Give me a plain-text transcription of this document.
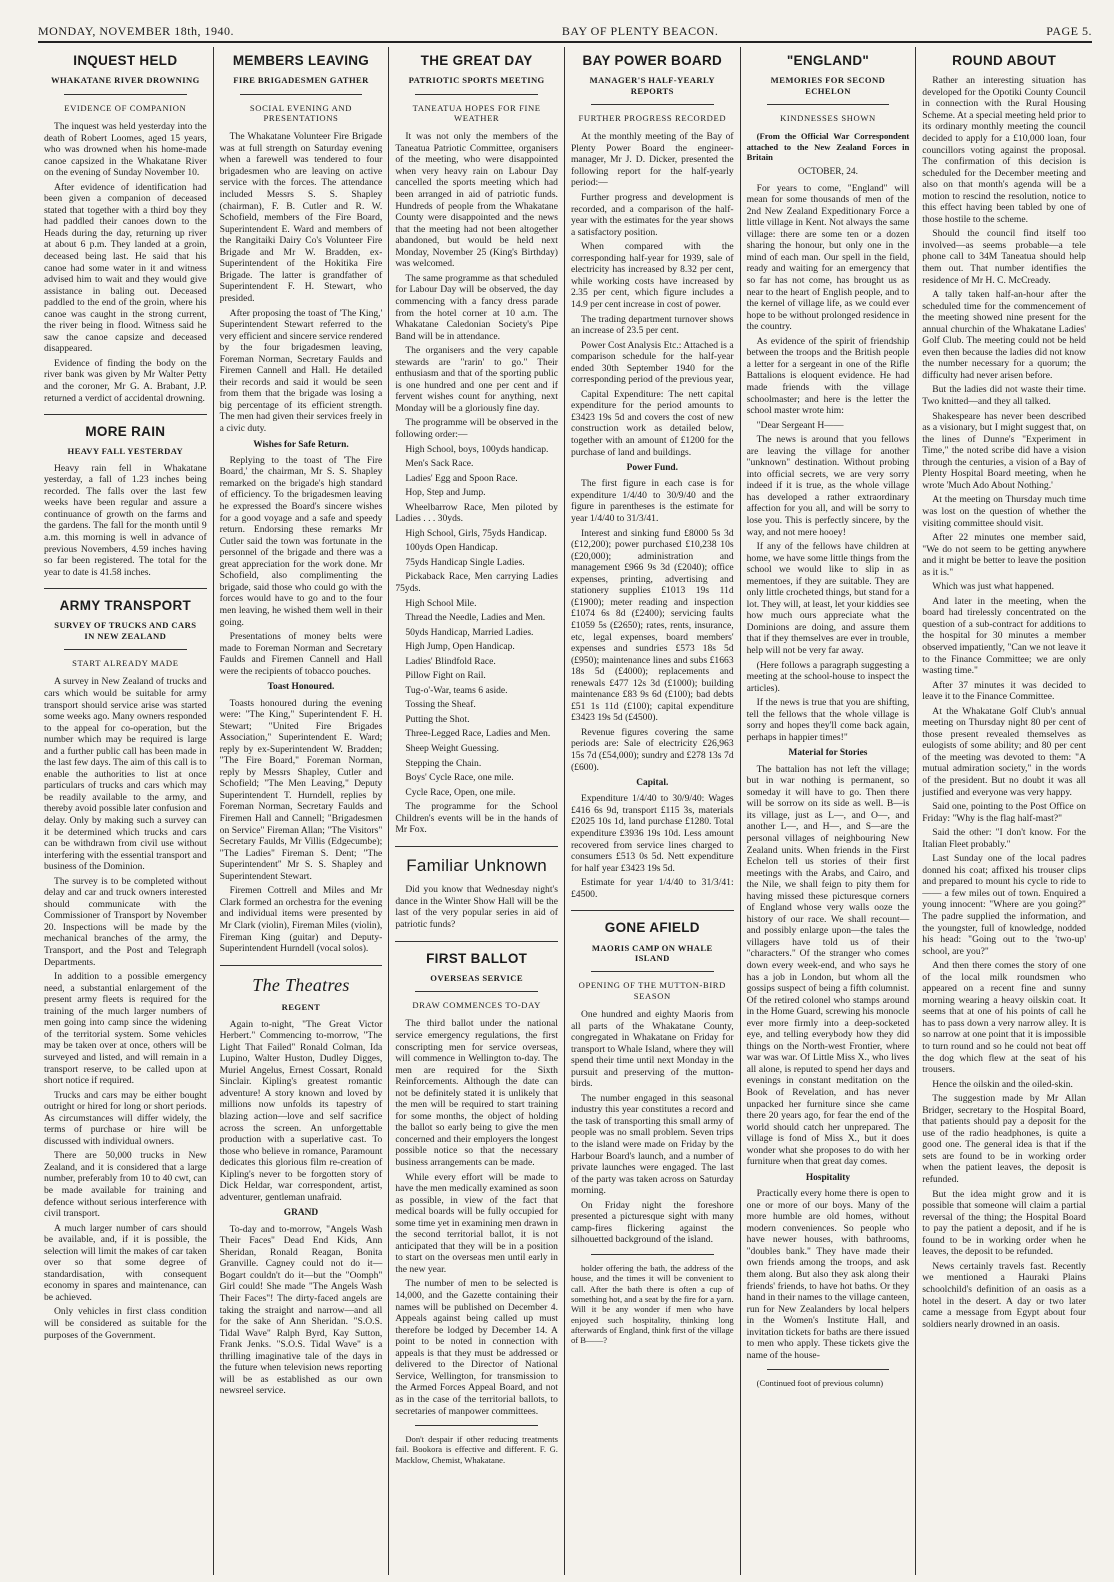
MONDAY, NOVEMBER 18th, 1940.	BAY OF PLENTY BEACON.	PAGE 5.
INQUEST HELD
WHAKATANE RIVER DROWNING
EVIDENCE OF COMPANION

The inquest was held yesterday into the death of Robert Loomes, aged 15 years, who was drowned when his home-made canoe capsized in the Whakatane River on the evening of Sunday November 10.

After evidence of identification had been given a companion of deceased stated that together with a third boy they had paddled their canoes down to the Heads during the day, returning up river at about 6 p.m. They landed at a groin, deceased being last. He said that his canoe had some water in it and witness advised him to wait and they would give assistance in baling out. Deceased paddled to the end of the groin, where his canoe was caught in the strong current, the river being in flood. Witness said he saw the canoe capsize and deceased disappeared.

Evidence of finding the body on the river bank was given by Mr Walter Petty and the coroner, Mr G. A. Brabant, J.P. returned a verdict of accidental drowning.

MORE RAIN
HEAVY FALL YESTERDAY

Heavy rain fell in Whakatane yesterday, a fall of 1.23 inches being recorded. The falls over the last few weeks have been regular and assure a continuance of growth on the farms and the gardens. The fall for the month until 9 a.m. this morning is well in advance of previous Novembers, 4.59 inches having so far been registered. The total for the year to date is 41.58 inches.

ARMY TRANSPORT
SURVEY OF TRUCKS AND CARS IN NEW ZEALAND
START ALREADY MADE

A survey in New Zealand of trucks and cars which would be suitable for army transport should service arise was started some weeks ago. Many owners responded to the appeal for co-operation, but the number which may be required is large and a further public call has been made in the last few days. The aim of this call is to enable the authorities to list at once particulars of trucks and cars which may be readily available to the army, and thereby avoid possible later confusion and delay. Only by making such a survey can it be determined which trucks and cars can be withdrawn from civil use without interfering with the essential transport and business of the Dominion.

The survey is to be completed without delay and car and truck owners interested should communicate with the Commissioner of Transport by November 20. Inspections will be made by the mechanical branches of the army, the Transport, and the Post and Telegraph Departments.

In addition to a possible emergency need, a substantial enlargement of the present army fleets is required for the training of the much larger numbers of men going into camp since the widening of the territorial system. Some vehicles may be taken over at once, others will be surveyed and listed, and will remain in a transport reserve, to be called upon at short notice if required.

Trucks and cars may be either bought outright or hired for long or short periods. As circumstances will differ widely, the terms of purchase or hire will be discussed with individual owners.

There are 50,000 trucks in New Zealand, and it is considered that a large number, preferably from 10 to 40 cwt, can be made available for training and defence without serious interference with civil transport.

A much larger number of cars should be available, and, if it is possible, the selection will limit the makes of car taken over so that some degree of standardisation, with consequent economy in spares and maintenance, can be achieved.

Only vehicles in first class condition will be considered as suitable for the purposes of the Government.

MEMBERS LEAVING
FIRE BRIGADESMEN GATHER
SOCIAL EVENING AND PRESENTATIONS

The Whakatane Volunteer Fire Brigade was at full strength on Saturday evening when a farewell was tendered to four brigadesmen who are leaving on active service with the forces. The attendance included Messrs S. S. Shapley (chairman), F. B. Cutler and R. W. Schofield, members of the Fire Board, Superintendent E. Ward and members of the Rangitaiki Dairy Co's Volunteer Fire Brigade and Mr W. Bradden, ex-Superintendent of the Hokitika Fire Brigade. The latter is grandfather of Superintendent F. H. Stewart, who presided.

After proposing the toast of 'The King,' Superintendent Stewart referred to the very efficient and sincere service rendered by the four brigadesmen leaving, Foreman Norman, Secretary Faulds and Firemen Cannell and Hall. He detailed their records and said it would be seen from them that the brigade was losing a big percentage of its efficient strength. The men had given their services freely in a civic duty.

Wishes for Safe Return.

Replying to the toast of 'The Fire Board,' the chairman, Mr S. S. Shapley remarked on the brigade's high standard of efficiency. To the brigadesmen leaving he expressed the Board's sincere wishes for a good voyage and a safe and speedy return. Endorsing these remarks Mr Cutler said the town was fortunate in the personnel of the brigade and there was a great appreciation for the work done. Mr Schofield, also complimenting the brigade, said those who could go with the forces would have to go and to the four men leaving, he wished them well in their going.

Presentations of money belts were made to Foreman Norman and Secretary Faulds and Firemen Cannell and Hall were the recipients of tobacco pouches.

Toast Honoured.

Toasts honoured during the evening were: "The King," Superintendent F. H. Stewart; "United Fire Brigades Association," Superintendent E. Ward; reply by ex-Superintendent W. Bradden; "The Fire Board," Foreman Norman, reply by Messrs Shapley, Cutler and Schofield; "The Men Leaving," Deputy Superintendent T. Hurndell, replies by Foreman Norman, Secretary Faulds and Firemen Hall and Cannell; "Brigadesmen on Service" Fireman Allan; "The Visitors" Secretary Faulds, Mr Villis (Edgecumbe); "The Ladies" Fireman S. Dent; "The Superintendent" Mr S. S. Shapley and Superintendent Stewart.

Firemen Cottrell and Miles and Mr Clark formed an orchestra for the evening and individual items were presented by Mr Clark (violin), Fireman Miles (violin), Fireman King (guitar) and Deputy-Superintendent Hurndell (vocal solos).

The Theatres
REGENT

Again to-night, "The Great Victor Herbert." Commencing to-morrow, "The Light That Failed" Ronald Colman, Ida Lupino, Walter Huston, Dudley Digges, Muriel Angelus, Ernest Cossart, Ronald Sinclair. Kipling's greatest romantic adventure! A story known and loved by millions now unfolds its tapestry of blazing action—love and self sacrifice across the screen. An unforgettable production with a superlative cast. To those who believe in romance, Paramount dedicates this glorious film re-creation of Kipling's never to be forgotten story of Dick Heldar, war correspondent, artist, adventurer, gentleman unafraid.

GRAND

To-day and to-morrow, "Angels Wash Their Faces" Dead End Kids, Ann Sheridan, Ronald Reagan, Bonita Granville. Cagney could not do it—Bogart couldn't do it—but the "Oomph" Girl could! She made "The Angels Wash Their Faces"! The dirty-faced angels are taking the straight and narrow—and all for the sake of Ann Sheridan. "S.O.S. Tidal Wave" Ralph Byrd, Kay Sutton, Frank Jenks. "S.O.S. Tidal Wave" is a thrilling imaginative tale of the days in the future when television news reporting will be as established as our own newsreel service.

THE GREAT DAY
PATRIOTIC SPORTS MEETING
TANEATUA HOPES FOR FINE WEATHER

It was not only the members of the Taneatua Patriotic Committee, organisers of the meeting, who were disappointed when very heavy rain on Labour Day cancelled the sports meeting which had been arranged in aid of patriotic funds. Hundreds of people from the Whakatane County were disappointed and the news that the meeting had not been altogether abandoned, but would be held next Monday, November 25 (King's Birthday) was welcomed.

The same programme as that scheduled for Labour Day will be observed, the day commencing with a fancy dress parade from the hotel corner at 10 a.m. The Whakatane Caledonian Society's Pipe Band will be in attendance.

The organisers and the very capable stewards are "rarin' to go." Their enthusiasm and that of the sporting public is one hundred and one per cent and if fervent wishes count for anything, next Monday will be a gloriously fine day.

The programme will be observed in the following order:—

High School, boys, 100yds handicap.

Men's Sack Race.

Ladies' Egg and Spoon Race.

Hop, Step and Jump.

Wheelbarrow Race, Men piloted by Ladies . . . 30yds.

High School, Girls, 75yds Handicap.

100yds Open Handicap.

75yds Handicap Single Ladies.

Pickaback Race, Men carrying Ladies 75yds.

High School Mile.

Thread the Needle, Ladies and Men.

50yds Handicap, Married Ladies.

High Jump, Open Handicap.

Ladies' Blindfold Race.

Pillow Fight on Rail.

Tug-o'-War, teams 6 aside.

Tossing the Sheaf.

Putting the Shot.

Three-Legged Race, Ladies and Men.

Sheep Weight Guessing.

Stepping the Chain.

Boys' Cycle Race, one mile.

Cycle Race, Open, one mile.

The programme for the School Children's events will be in the hands of Mr Fox.

Familiar Unknown

Did you know that Wednesday night's dance in the Winter Show Hall will be the last of the very popular series in aid of patriotic funds?

FIRST BALLOT
OVERSEAS SERVICE
DRAW COMMENCES TO-DAY

The third ballot under the national service emergency regulations, the first conscripting men for service overseas, will commence in Wellington to-day. The men are required for the Sixth Reinforcements. Although the date can not be definitely stated it is unlikely that the men will be required to start training for some months, the object of holding the ballot so early being to give the men concerned and their employers the longest possible notice so that the necessary business arrangements can be made.

While every effort will be made to have the men medically examined as soon as possible, in view of the fact that medical boards will be fully occupied for some time yet in examining men drawn in the second territorial ballot, it is not anticipated that they will be in a position to start on the overseas men until early in the new year.

The number of men to be selected is 14,000, and the Gazette containing their names will be published on December 4. Appeals against being called up must therefore be lodged by December 14. A point to be noted in connection with appeals is that they must be addressed or delivered to the Director of National Service, Wellington, for transmission to the Armed Forces Appeal Board, and not as in the case of the territorial ballots, to secretaries of manpower committees.

Don't despair if other reducing treatments fail. Bookora is effective and different. F. G. Macklow, Chemist, Whakatane.

BAY POWER BOARD
MANAGER'S HALF-YEARLY REPORTS
FURTHER PROGRESS RECORDED

At the monthly meeting of the Bay of Plenty Power Board the engineer-manager, Mr J. D. Dicker, presented the following report for the half-yearly period:—

Further progress and development is recorded, and a comparison of the half-year with the estimates for the year shows a satisfactory position.

When compared with the corresponding half-year for 1939, sale of electricity has increased by 8.32 per cent, while working costs have increased by 2.35 per cent, which figure includes a 14.9 per cent increase in cost of power.

The trading department turnover shows an increase of 23.5 per cent.

Power Cost Analysis Etc.: Attached is a comparison schedule for the half-year ended 30th September 1940 for the corresponding period of the previous year,

Capital Expenditure: The nett capital expenditure for the period amounts to £3423 19s 5d and covers the cost of new construction work as detailed below, together with an amount of £1200 for the purchase of land and buildings.

Power Fund.

The first figure in each case is for expenditure 1/4/40 to 30/9/40 and the figure in parentheses is the estimate for year 1/4/40 to 31/3/41.

Interest and sinking fund £8000 5s 3d (£12,200); power purchased £10,238 10s (£20,000); administration and management £966 9s 3d (£2040); office expenses, printing, advertising and stationery supplies £1013 19s 11d (£1900); meter reading and inspection £1074 6s 8d (£2400); servicing faults £1059 5s (£2650); rates, rents, insurance, etc, legal expenses, board members' expenses and sundries £573 18s 5d (£950); maintenance lines and subs £1663 18s 5d (£4000); replacements and renewals £477 12s 3d (£1000); building maintenance £83 9s 6d (£100); bad debts £51 1s 11d (£100); capital expenditure £3423 19s 5d (£4500).

Revenue figures covering the same periods are: Sale of electricity £26,963 15s 7d (£54,000); sundry and £278 13s 7d (£600).

Capital.

Expenditure 1/4/40 to 30/9/40: Wages £416 6s 9d, transport £115 3s, materials £2025 10s 1d, land purchase £1280. Total expenditure £3936 19s 10d. Less amount recovered from service lines charged to consumers £513 0s 5d. Nett expenditure for half year £3423 19s 5d.

Estimate for year 1/4/40 to 31/3/41: £4500.

GONE AFIELD
MAORIS CAMP ON WHALE ISLAND
OPENING OF THE MUTTON-BIRD SEASON

One hundred and eighty Maoris from all parts of the Whakatane County, congregated in Whakatane on Friday for transport to Whale Island, where they will spend their time until next Monday in the pursuit and preserving of the mutton-birds.

The number engaged in this seasonal industry this year constitutes a record and the task of transporting this small army of people was no small problem. Seven trips to the island were made on Friday by the Harbour Board's launch, and a number of private launches were engaged. The last of the party was taken across on Saturday morning.

On Friday night the foreshore presented a picturesque sight with many camp-fires flickering against the silhouetted background of the island.

holder offering the bath, the address of the house, and the times it will be convenient to call. After the bath there is often a cup of something hot, and a seat by the fire for a yarn. Will it be any wonder if men who have enjoyed such hospitality, thinking long afterwards of England, think first of the village of B——?

"ENGLAND"
MEMORIES FOR SECOND ECHELON
KINDNESSES SHOWN

(From the Official War Correspondent attached to the New Zealand Forces in Britain

OCTOBER, 24.

For years to come, "England" will mean for some thousands of men of the 2nd New Zealand Expeditionary Force a little village in Kent. Not always the same village: there are some ten or a dozen sharing the honour, but only one in the mind of each man. Our spell in the field, ready and waiting for an emergency that so far has not come, has brought us as near to the heart of English people, and to the kernel of village life, as we could ever hope to be without prolonged residence in the country.

As evidence of the spirit of friendship between the troops and the British people a letter for a sergeant in one of the Rifle Battalions is eloquent evidence. He had made friends with the village schoolmaster; and here is the letter the school master wrote him:

"Dear Sergeant H——

The news is around that you fellows are leaving the village for another "unknown" destination. Without probing into official secrets, we are very sorry indeed if it is true, as the whole village has developed a rather extraordinary affection for you all, and will be sorry to lose you. This is perfectly sincere, by the way, and not mere hooey!

If any of the fellows have children at home, we have some little things from the school we would like to slip in as mementoes, if they are suitable. They are only little crocheted things, but stand for a lot. They will, at least, let your kiddies see how much ours appreciate what the Dominions are doing, and assure them that if they themselves are ever in trouble, help will not be very far away.

(Here follows a paragraph suggesting a meeting at the school-house to inspect the articles).

If the news is true that you are shifting, tell the fellows that the whole village is sorry and hopes they'll come back again, perhaps in happier times!"

Material for Stories

The battalion has not left the village; but in war nothing is permanent, so someday it will have to go. Then there will be sorrow on its side as well. B—is its village, just as L—, and O—, and another L—, and H—, and S—are the personal villages of neighbouring New Zealand units. When friends in the First Echelon tell us stories of their first meetings with the Arabs, and Cairo, and the Nile, we shall feign to pity them for having missed these picturesque corners of England whose very walls ooze the history of our race. We shall recount—and possibly enlarge upon—the tales the villagers have told us of their "characters." Of the stranger who comes down every week-end, and who says he has a job in London, but whom all the gossips suspect of being a fifth columnist. Of the retired colonel who stamps around in the Home Guard, screwing his monocle ever more firmly into a deep-socketed eye, and telling everybody how they did things on the North-west Frontier, where war was war. Of Little Miss X., who lives all alone, is reputed to spend her days and evenings in constant meditation on the Book of Revelation, and has never unpacked her furniture since she came there 20 years ago, for fear the end of the world should catch her unprepared. The village is fond of Miss X., but it does wonder what she proposes to do with her furniture when that great day comes.

Hospitality

Practically every home there is open to one or more of our boys. Many of the more humble are old homes, without modern conveniences. So people who have newer houses, with bathrooms, "doubles bank." They have made their own friends among the troops, and ask them along. But also they ask along their friends' friends, to have hot baths. Or they hand in their names to the village canteen, run for New Zealanders by local helpers in the Women's Institute Hall, and invitation tickets for baths are there issued to men who apply. These tickets give the name of the house-

(Continued foot of previous column)

ROUND ABOUT

Rather an interesting situation has developed for the Opotiki County Council in connection with the Rural Housing Scheme. At a special meeting held prior to its ordinary monthly meeting the council decided to apply for a £10,000 loan, four councillors voting against the proposal. The confirmation of this decision is scheduled for the December meeting and also on that month's agenda will be a motion to rescind the resolution, notice to this effect having been tabled by one of those hostile to the scheme.

Should the council find itself too involved—as seems probable—a tele phone call to 34M Taneatua should help them out. That number identifies the residence of Mr H. C. McCready.

A tally taken half-an-hour after the scheduled time for the commencement of the meeting showed nine present for the annual churchin of the Whakatane Ladies' Golf Club. The meeting could not be held even then because the ladies did not know the number necessary for a quorum; the difficulty had never arisen before.

But the ladies did not waste their time. Two knitted—and they all talked.

Shakespeare has never been described as a visionary, but I might suggest that, on the lines of Dunne's "Experiment in Time," the noted scribe did have a vision through the centuries, a vision of a Bay of Plenty Hospital Board meeting, when he wrote 'Much Ado About Nothing.'

At the meeting on Thursday much time was lost on the question of whether the visiting committee should visit.

After 22 minutes one member said, "We do not seem to be getting anywhere and it might be better to leave the position as it is."

Which was just what happened.

And later in the meeting, when the board had tirelessly concentrated on the question of a sub-contract for additions to the hospital for 30 minutes a member observed impatiently, "Can we not leave it to the Finance Committee; we are only wasting time."

After 37 minutes it was decided to leave it to the Finance Committee.

At the Whakatane Golf Club's annual meeting on Thursday night 80 per cent of those present revealed themselves as eulogists of some ability; and 80 per cent of the meeting was devoted to them: "A mutual admiration society," in the words of the president. But no doubt it was all justified and everyone was very happy.

Said one, pointing to the Post Office on Friday: "Why is the flag half-mast?"

Said the other: "I don't know. For the Italian Fleet probably."

Last Sunday one of the local padres donned his coat; affixed his trouser clips and prepared to mount his cycle to ride to —— a few miles out of town. Enquired a young innocent: "Where are you going?" The padre supplied the information, and the youngster, full of knowledge, nodded his head: "Going out to the 'two-up' school, are you?"

And then there comes the story of one of the local milk roundsmen who appeared on a recent fine and sunny morning wearing a heavy oilskin coat. It seems that at one of his points of call he has to pass down a very narrow alley. It is so narrow at one point that it is impossible to turn round and so he could not beat off the dog which flew at the seat of his trousers.

Hence the oilskin and the oiled-skin.

The suggestion made by Mr Allan Bridger, secretary to the Hospital Board, that patients should pay a deposit for the use of the radio headphones, is quite a good one. The general idea is that if the sets are found to be in working order when the patient leaves, the deposit is refunded.

But the idea might grow and it is possible that someone will claim a partial reversal of the thing; the Hospital Board to pay the patient a deposit, and if he is found to be in working order when he leaves, the deposit to be refunded.

News certainly travels fast. Recently we mentioned a Hauraki Plains schoolchild's definition of an oasis as a hotel in the desert. A day or two later came a message from Egypt about four soldiers nearly drowned in an oasis.
